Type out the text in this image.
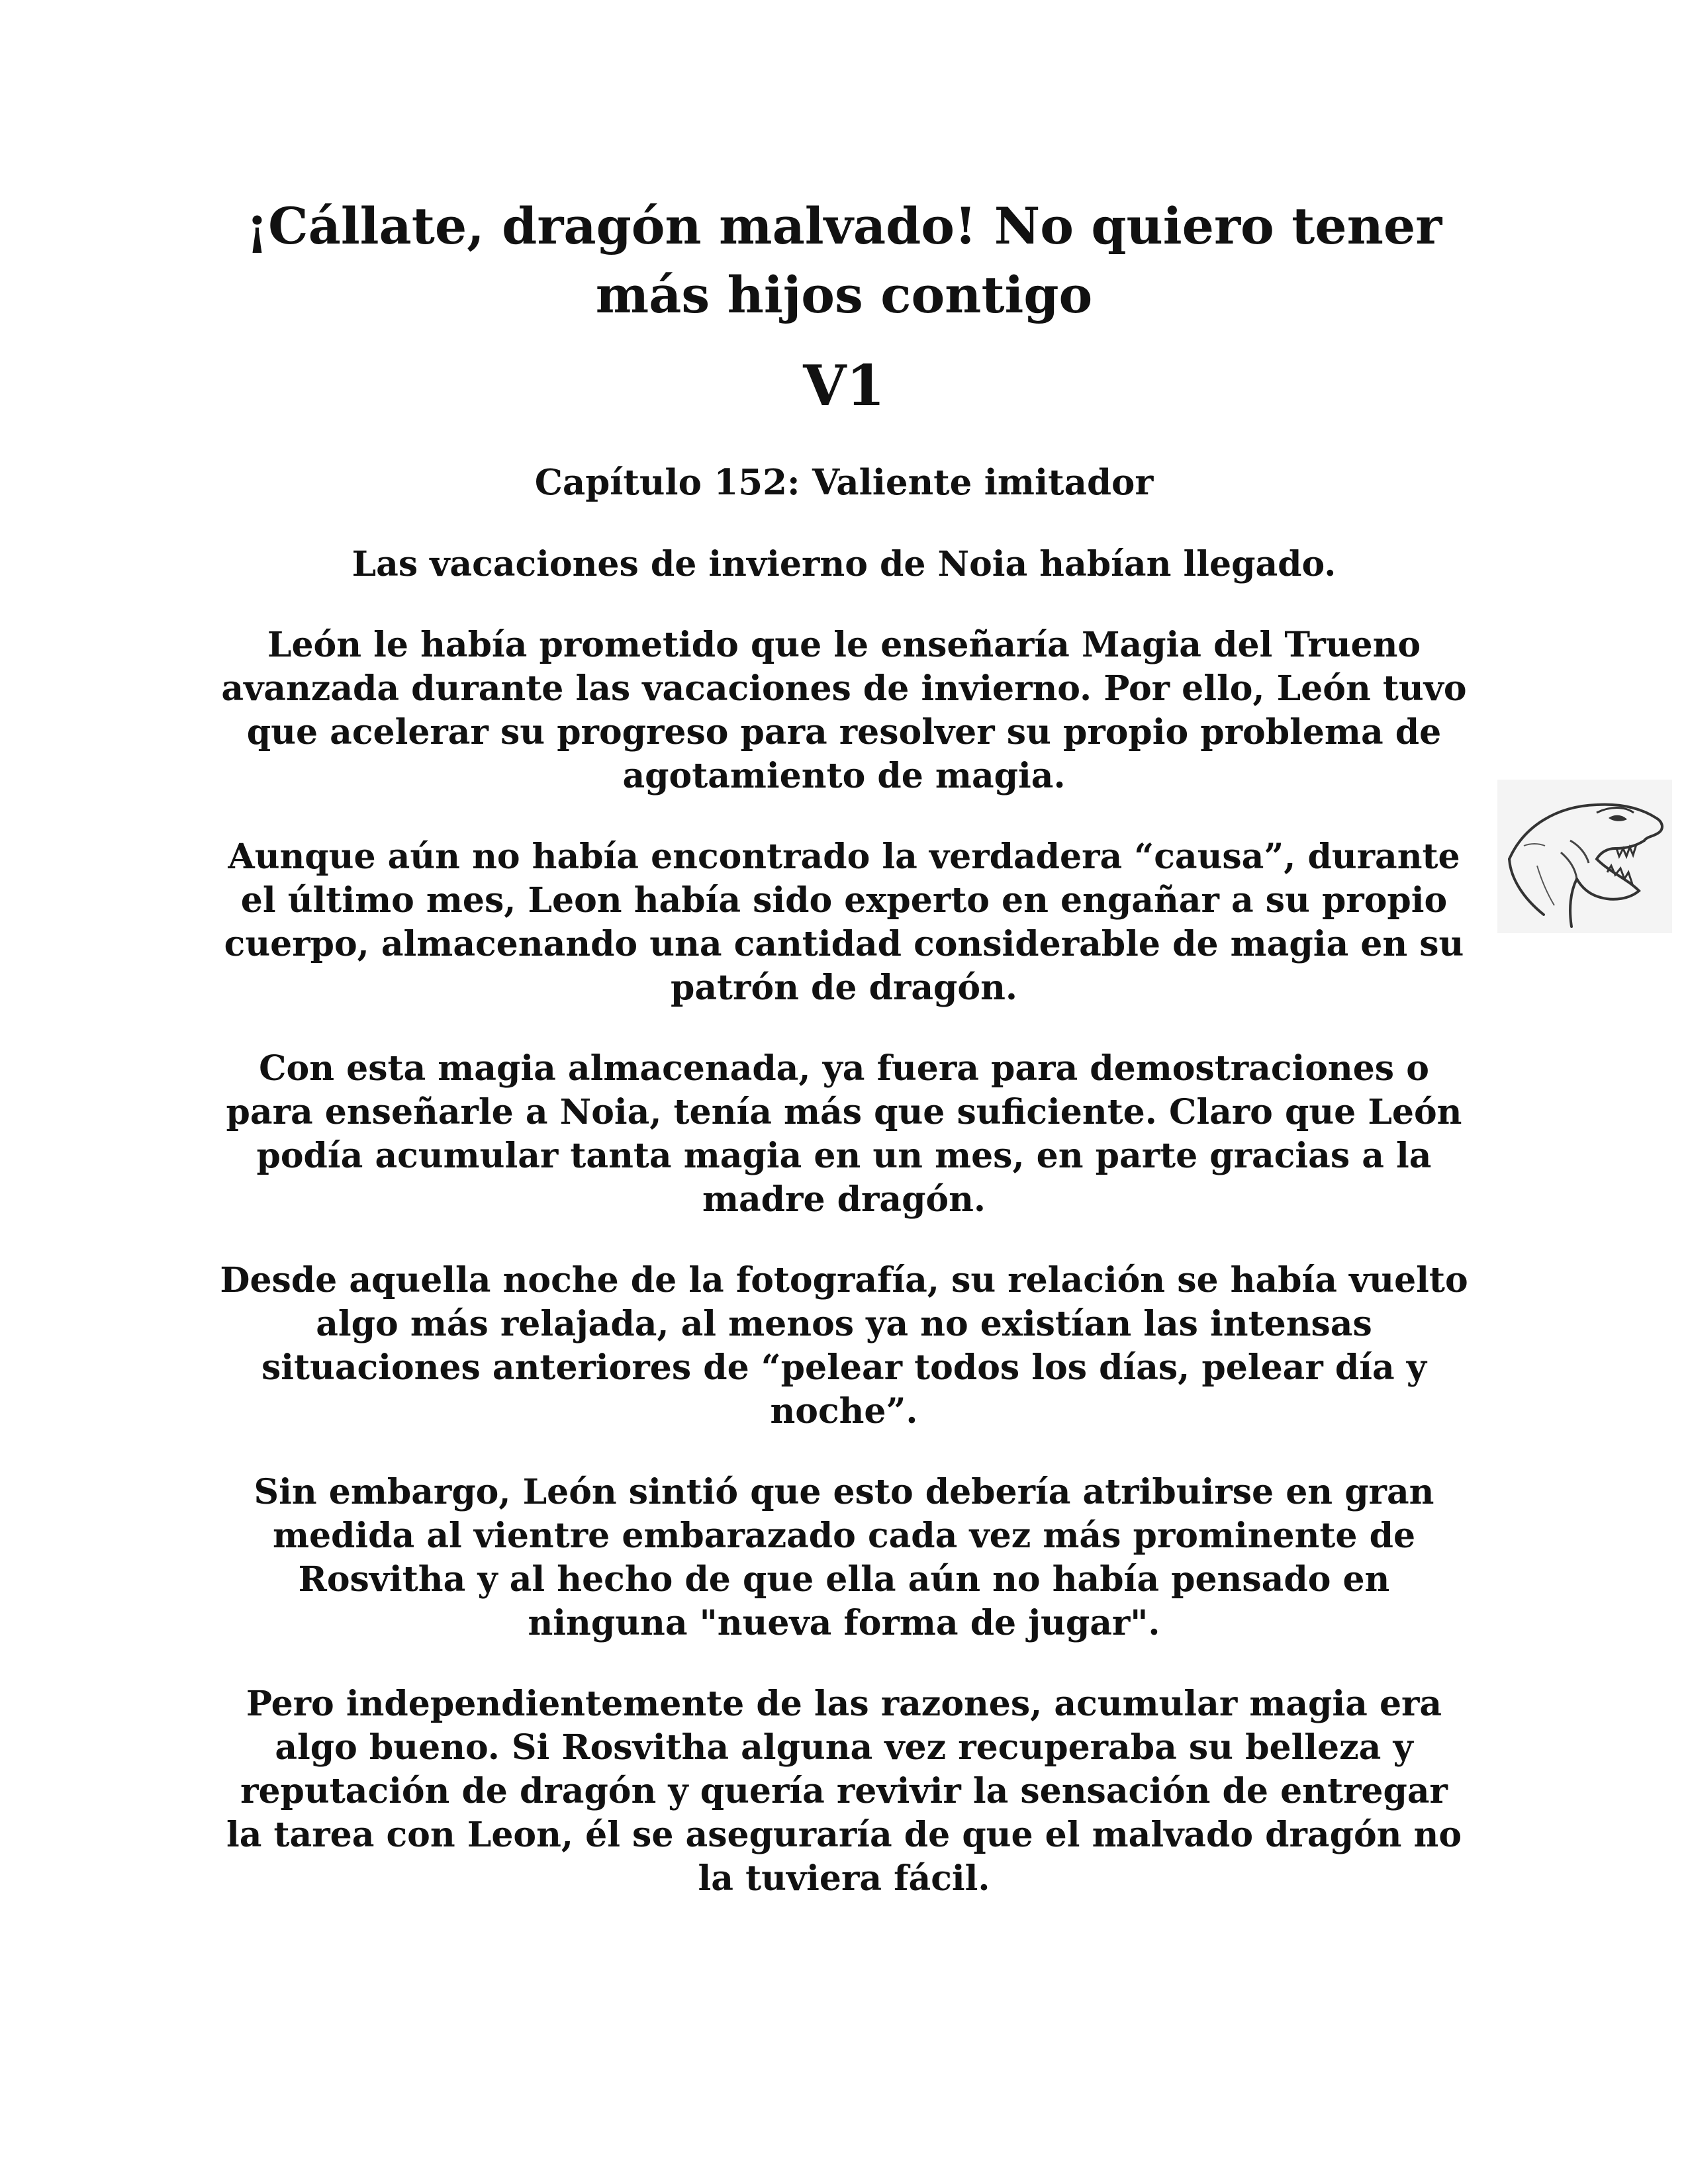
¡Cállate, dragón malvado! No quiero tener más hijos contigo
V1
Capítulo 152: Valiente imitador

Las vacaciones de invierno de Noia habían llegado.

León le había prometido que le enseñaría Magia del Trueno avanzada durante las vacaciones de invierno. Por ello, León tuvo que acelerar su progreso para resolver su propio problema de agotamiento de magia.

Aunque aún no había encontrado la verdadera “causa”, durante el último mes, Leon había sido experto en engañar a su propio cuerpo, almacenando una cantidad considerable de magia en su patrón de dragón.

Con esta magia almacenada, ya fuera para demostraciones o para enseñarle a Noia, tenía más que suficiente. Claro que León podía acumular tanta magia en un mes, en parte gracias a la madre dragón.

Desde aquella noche de la fotografía, su relación se había vuelto algo más relajada, al menos ya no existían las intensas situaciones anteriores de “pelear todos los días, pelear día y noche”.

Sin embargo, León sintió que esto debería atribuirse en gran medida al vientre embarazado cada vez más prominente de Rosvitha y al hecho de que ella aún no había pensado en ninguna "nueva forma de jugar".

Pero independientemente de las razones, acumular magia era algo bueno. Si Rosvitha alguna vez recuperaba su belleza y reputación de dragón y quería revivir la sensación de entregar la tarea con Leon, él se aseguraría de que el malvado dragón no la tuviera fácil.
